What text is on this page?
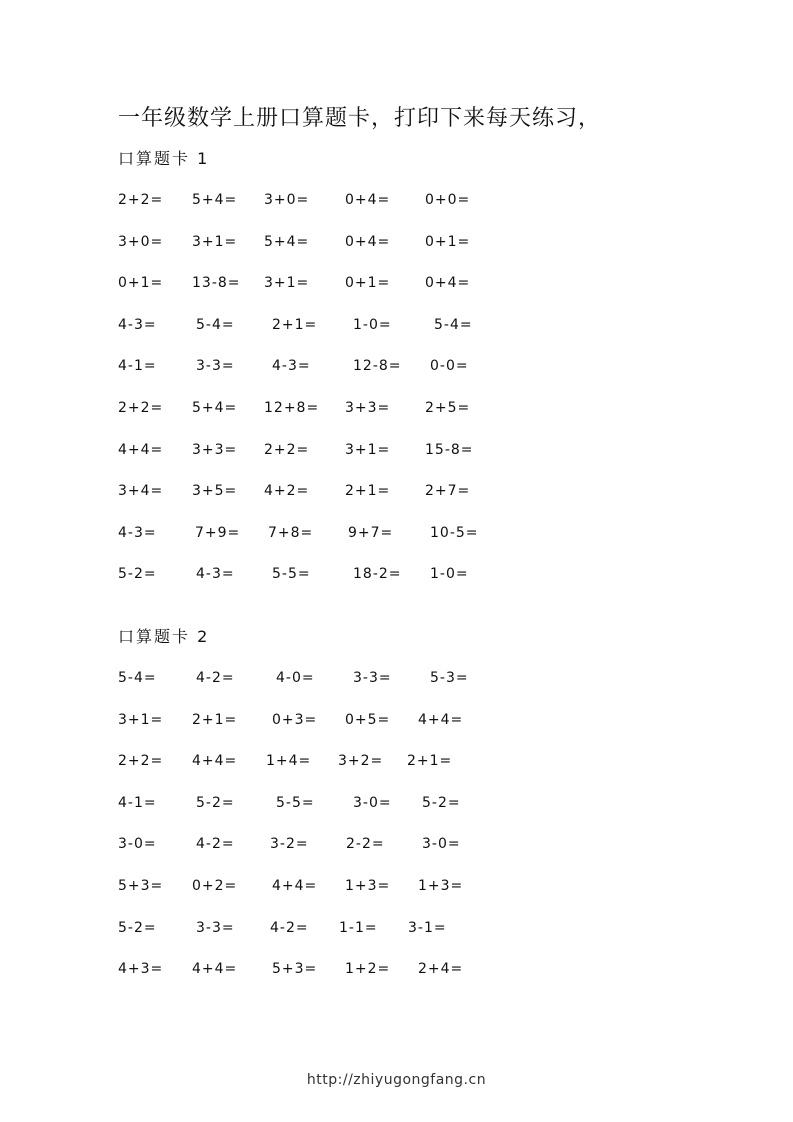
一年级数学上册口算题卡，打印下来每天练习，
口算题卡 1
2+2= 5+4= 3+0=	0+4= 0+0=
3+0= 3+1= 5+4=	0+4= 0+1=
0+1= 13-8= 3+1=	0+1= 0+4=
4-3=	5-4=	2+1=	1-0=	5-4=
4-1=	3-3=	4-3=	12-8= 0-0=
2+2= 5+4= 12+8= 3+3= 2+5=
4+4= 3+3= 2+2=	3+1= 15-8=
3+4= 3+5= 4+2=	2+1= 2+7=
4-3=	7+9= 7+8= 9+7=	10-5=
5-2=	4-3=	5-5=	18-2= 1-0=
口算题卡 2
5-4=	4-2=	4-0=	3-3=	5-3=
3+1= 2+1= 0+3= 0+5= 4+4=
2+2= 4+4= 1+4= 3+2= 2+1=
4-1=	5-2=	5-5=	3-0= 5-2=
3-0=	4-2=	3-2=	2-2=	3-0=
5+3= 0+2= 4+4= 1+3= 1+3=
5-2=	3-3=	4-2= 1-1= 3-1=
4+3= 4+4= 5+3= 1+2= 2+4=
http://zhiyugongfang.cn
